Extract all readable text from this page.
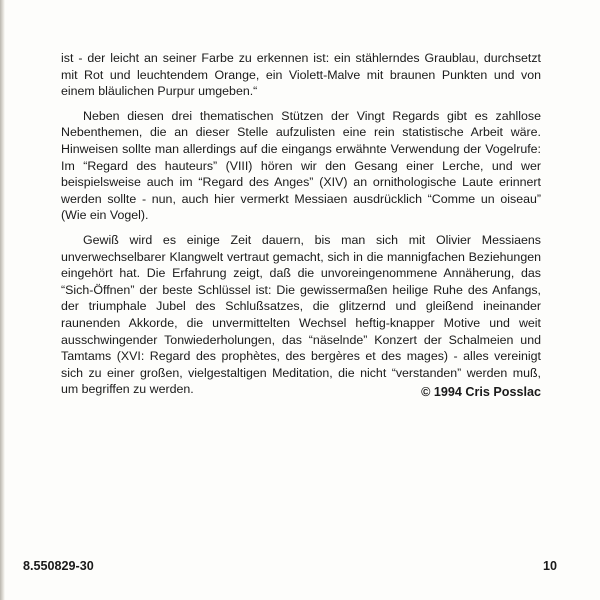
ist - der leicht an seiner Farbe zu erkennen ist: ein stählerndes Graublau, durchsetzt mit Rot und leuchtendem Orange, ein Violett-Malve mit braunen Punkten und von einem bläulichen Purpur umgeben.“

Neben diesen drei thematischen Stützen der Vingt Regards gibt es zahllose Nebenthemen, die an dieser Stelle aufzulisten eine rein statistische Arbeit wäre. Hinweisen sollte man allerdings auf die eingangs erwähnte Verwendung der Vogelrufe: Im “Regard des hauteurs” (VIII) hören wir den Gesang einer Lerche, und wer beispielsweise auch im “Regard des Anges” (XIV) an ornithologische Laute erinnert werden sollte - nun, auch hier vermerkt Messiaen ausdrücklich “Comme un oiseau” (Wie ein Vogel).

Gewiß wird es einige Zeit dauern, bis man sich mit Olivier Messiaens unverwechselbarer Klangwelt vertraut gemacht, sich in die mannigfachen Beziehungen eingehört hat. Die Erfahrung zeigt, daß die unvoreingenommene Annäherung, das “Sich-Öffnen” der beste Schlüssel ist: Die gewissermaßen heilige Ruhe des Anfangs, der triumphale Jubel des Schlußsatzes, die glitzernd und gleißend ineinander raunenden Akkorde, die unvermittelten Wechsel heftig-knapper Motive und weit ausschwingender Tonwiederholungen, das “näselnde” Konzert der Schalmeien und Tamtams (XVI: Regard des prophètes, des bergères et des mages) - alles vereinigt sich zu einer großen, vielgestaltigen Meditation, die nicht “verstanden” werden muß, um begriffen zu werden.	© 1994 Cris Posslac
8.550829-30	10
